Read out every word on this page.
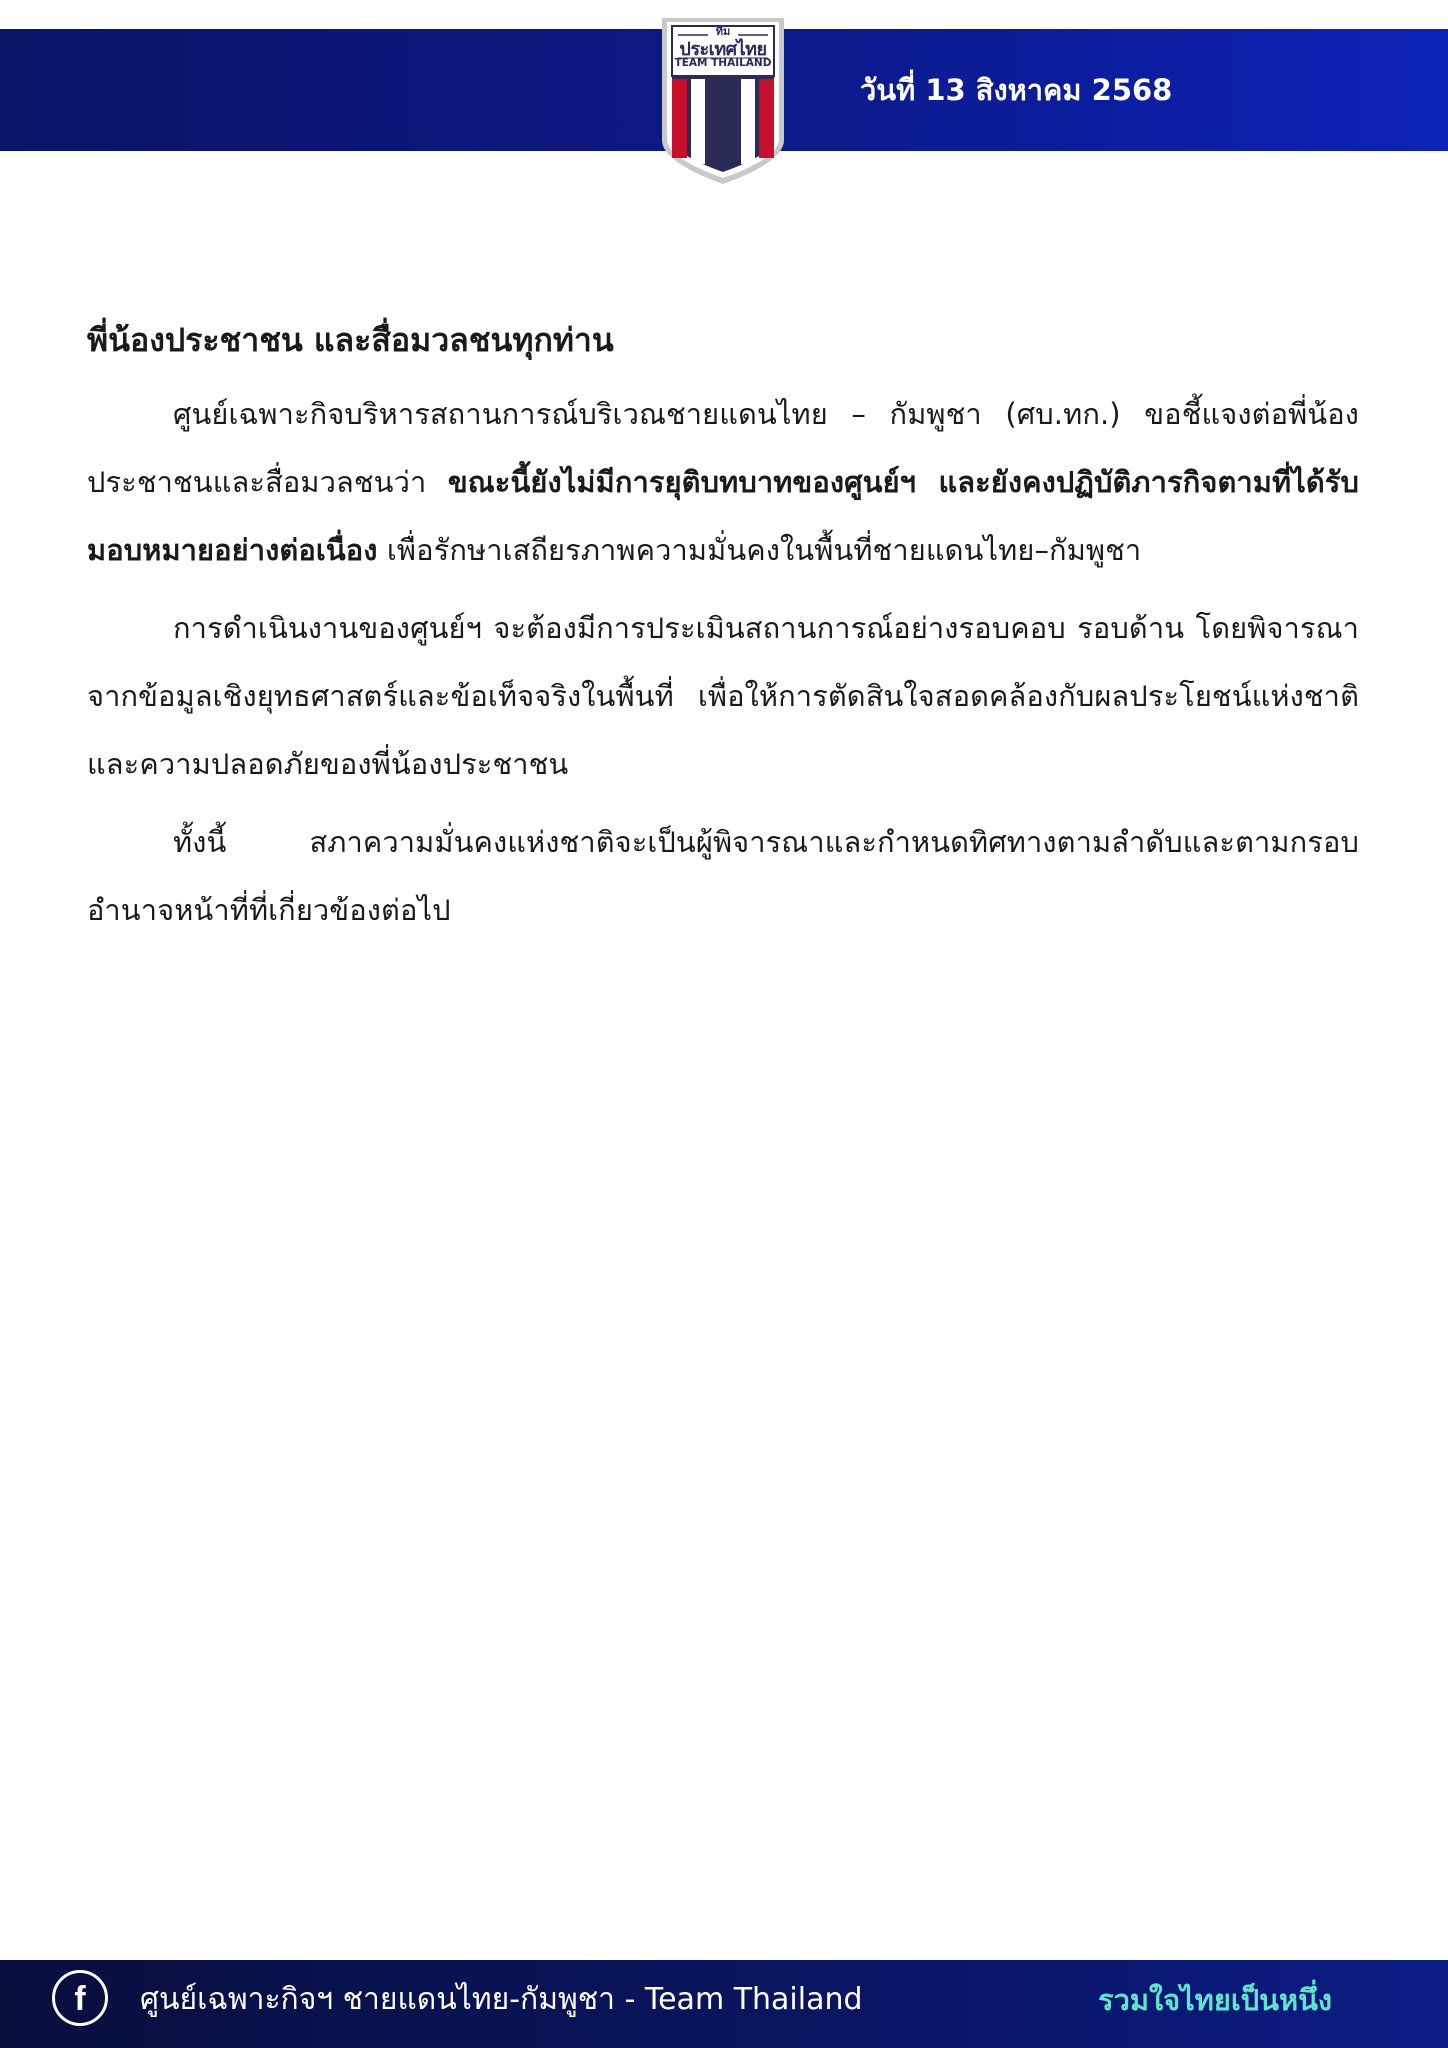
ทีม
ประเทศไทย
TEAM THAILAND
วันที่ 13 สิงหาคม 2568
พี่น้องประชาชน และสื่อมวลชนทุกท่าน

ศูนย์เฉพาะกิจบริหารสถานการณ์บริเวณชายแดนไทย – กัมพูชา (ศบ.ทก.) ขอชี้แจงต่อพี่น้องประชาชนและสื่อมวลชนว่า ขณะนี้ยังไม่มีการยุติบทบาทของศูนย์ฯ และยังคงปฏิบัติภารกิจตามที่ได้รับมอบหมายอย่างต่อเนื่อง เพื่อรักษาเสถียรภาพความมั่นคงในพื้นที่ชายแดนไทย–กัมพูชา

การดำเนินงานของศูนย์ฯ จะต้องมีการประเมินสถานการณ์อย่างรอบคอบ รอบด้าน โดยพิจารณาจากข้อมูลเชิงยุทธศาสตร์และข้อเท็จจริงในพื้นที่ เพื่อให้การตัดสินใจสอดคล้องกับผลประโยชน์แห่งชาติและความปลอดภัยของพี่น้องประชาชน

ทั้งนี้ สภาความมั่นคงแห่งชาติจะเป็นผู้พิจารณาและกำหนดทิศทางตามลำดับและตามกรอบอำนาจหน้าที่ที่เกี่ยวข้องต่อไป

f	ศูนย์เฉพาะกิจฯ ชายแดนไทย-กัมพูชา - Team Thailand	รวมใจไทยเป็นหนึ่ง
